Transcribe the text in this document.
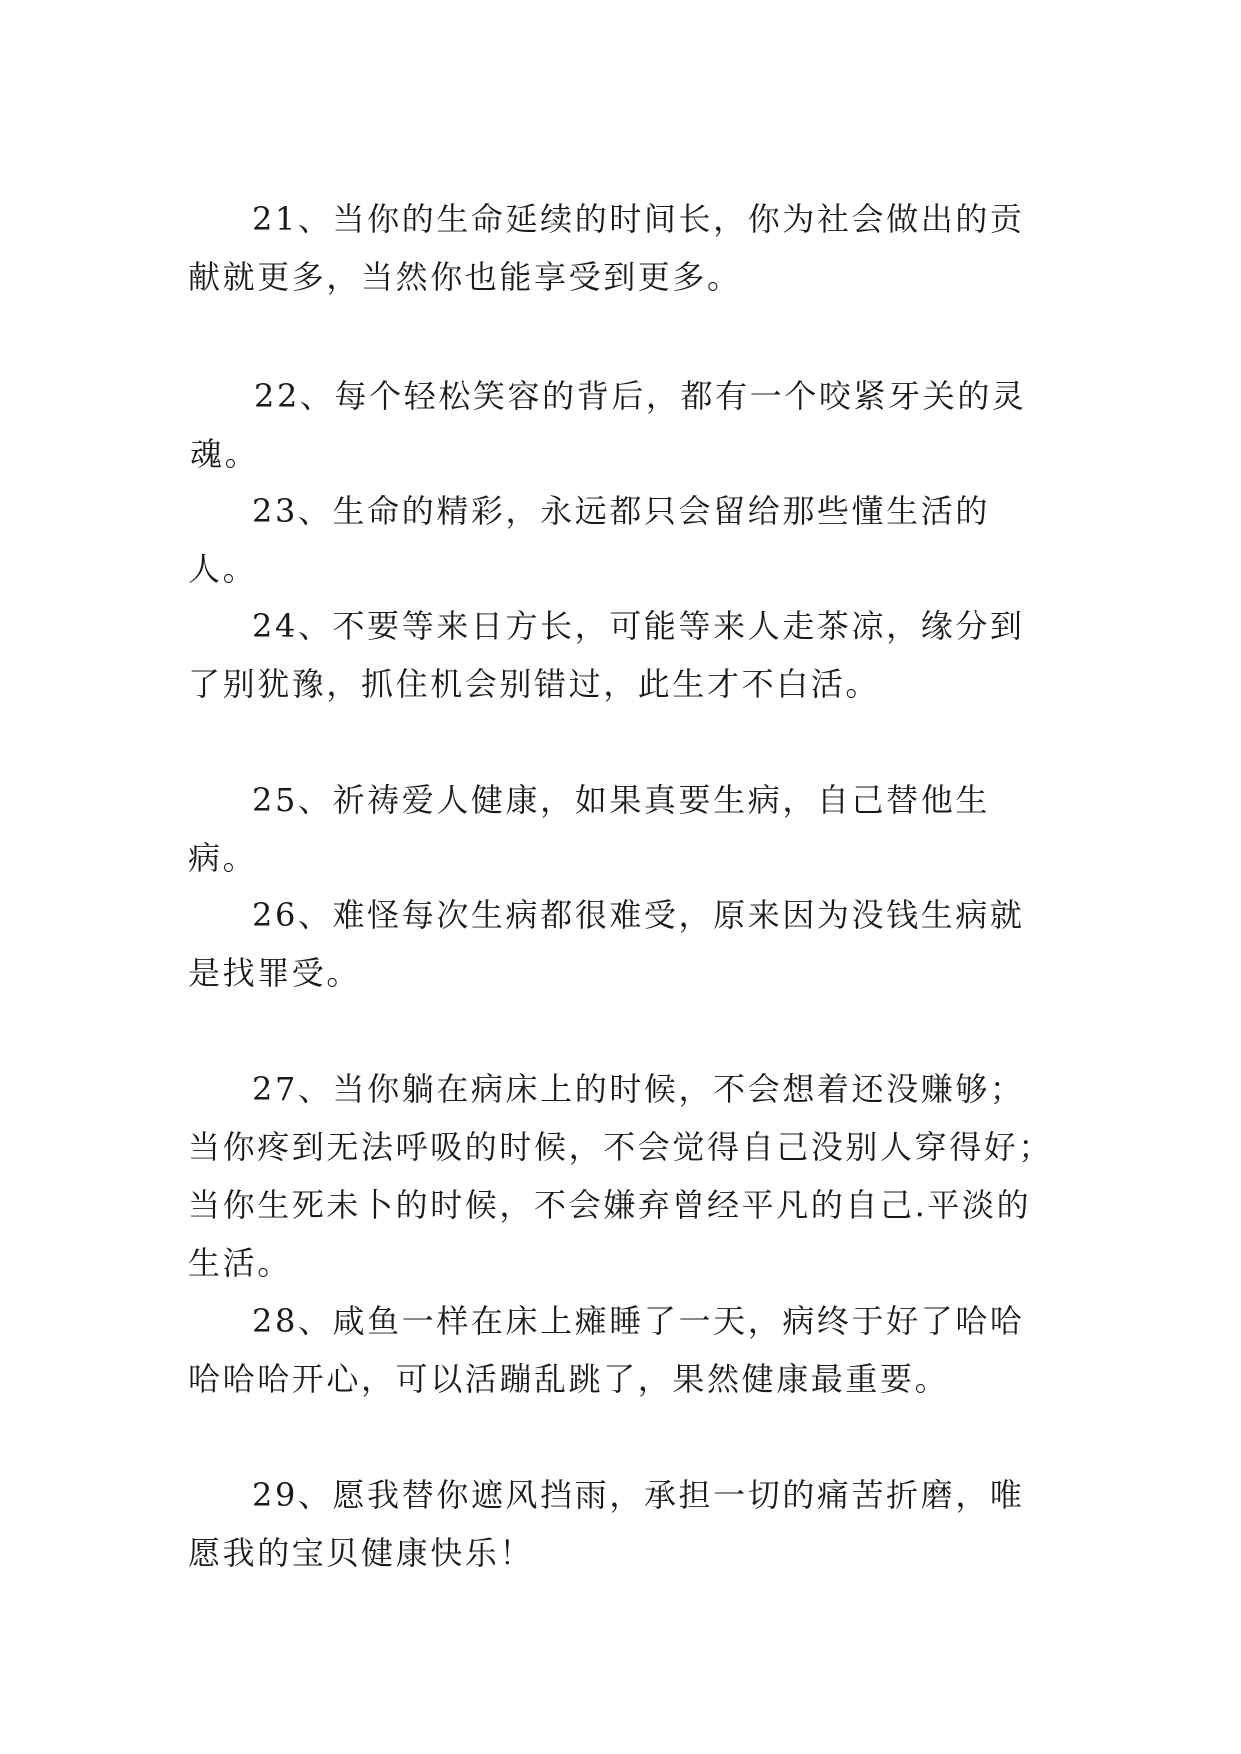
21、当你的生命延续的时间长，你为社会做出的贡献就更多，当然你也能享受到更多。

22、每个轻松笑容的背后，都有一个咬紧牙关的灵魂。

23、生命的精彩，永远都只会留给那些懂生活的人。

24、不要等来日方长，可能等来人走茶凉，缘分到了别犹豫，抓住机会别错过，此生才不白活。

25、祈祷爱人健康，如果真要生病，自己替他生病。

26、难怪每次生病都很难受，原来因为没钱生病就是找罪受。

27、当你躺在病床上的时候，不会想着还没赚够；当你疼到无法呼吸的时候，不会觉得自己没别人穿得好；当你生死未卜的时候，不会嫌弃曾经平凡的自己.平淡的生活。

28、咸鱼一样在床上瘫睡了一天，病终于好了哈哈哈哈哈开心，可以活蹦乱跳了，果然健康最重要。

29、愿我替你遮风挡雨，承担一切的痛苦折磨，唯愿我的宝贝健康快乐！
